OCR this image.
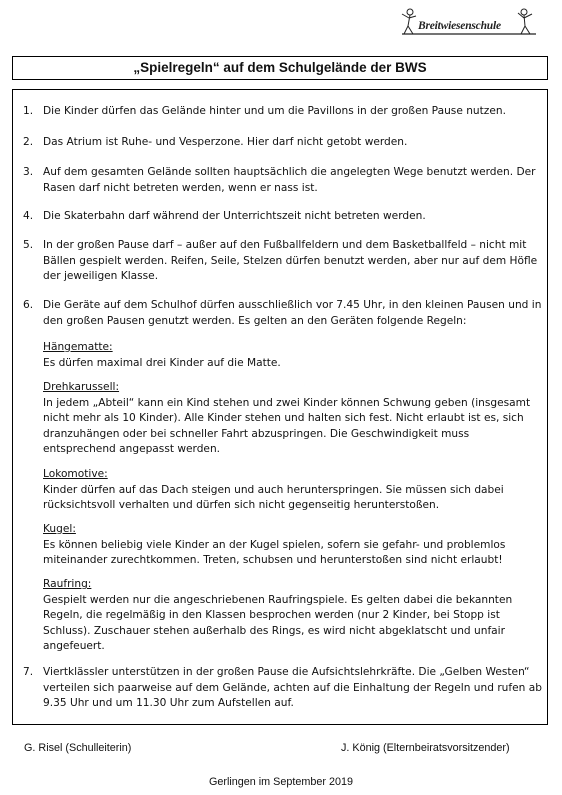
Breitwiesenschule
„Spielregeln“ auf dem Schulgelände der BWS
1. Die Kinder dürfen das Gelände hinter und um die Pavillons in der großen Pause nutzen.
2. Das Atrium ist Ruhe- und Vesperzone. Hier darf nicht getobt werden.
3. Auf dem gesamten Gelände sollten hauptsächlich die angelegten Wege benutzt werden. Der Rasen darf nicht betreten werden, wenn er nass ist.
4. Die Skaterbahn darf während der Unterrichtszeit nicht betreten werden.
5. In der großen Pause darf – außer auf den Fußballfeldern und dem Basketballfeld – nicht mit Bällen gespielt werden. Reifen, Seile, Stelzen dürfen benutzt werden, aber nur auf dem Höfle der jeweiligen Klasse.
6. Die Geräte auf dem Schulhof dürfen ausschließlich vor 7.45 Uhr, in den kleinen Pausen und in den großen Pausen genutzt werden. Es gelten an den Geräten folgende Regeln:
7. Viertklässler unterstützen in der großen Pause die Aufsichtslehrkräfte. Die „Gelben Westen“ verteilen sich paarweise auf dem Gelände, achten auf die Einhaltung der Regeln und rufen ab 9.35 Uhr und um 11.30 Uhr zum Aufstellen auf.
Hängematte:
Es dürfen maximal drei Kinder auf die Matte.
Drehkarussell:
In jedem „Abteil“ kann ein Kind stehen und zwei Kinder können Schwung geben (insgesamt nicht mehr als 10 Kinder). Alle Kinder stehen und halten sich fest. Nicht erlaubt ist es, sich dranzuhängen oder bei schneller Fahrt abzuspringen. Die Geschwindigkeit muss entsprechend angepasst werden.
Lokomotive:
Kinder dürfen auf das Dach steigen und auch herunterspringen. Sie müssen sich dabei rücksichtsvoll verhalten und dürfen sich nicht gegenseitig herunterstoßen.
Kugel:
Es können beliebig viele Kinder an der Kugel spielen, sofern sie gefahr- und problemlos miteinander zurechtkommen. Treten, schubsen und herunterstoßen sind nicht erlaubt!
Raufring:
Gespielt werden nur die angeschriebenen Raufringspiele. Es gelten dabei die bekannten Regeln, die regelmäßig in den Klassen besprochen werden (nur 2 Kinder, bei Stopp ist Schluss). Zuschauer stehen außerhalb des Rings, es wird nicht abgeklatscht und unfair angefeuert.
G. Risel (Schulleiterin)	J. König (Elternbeiratsvorsitzender)
Gerlingen im September 2019
